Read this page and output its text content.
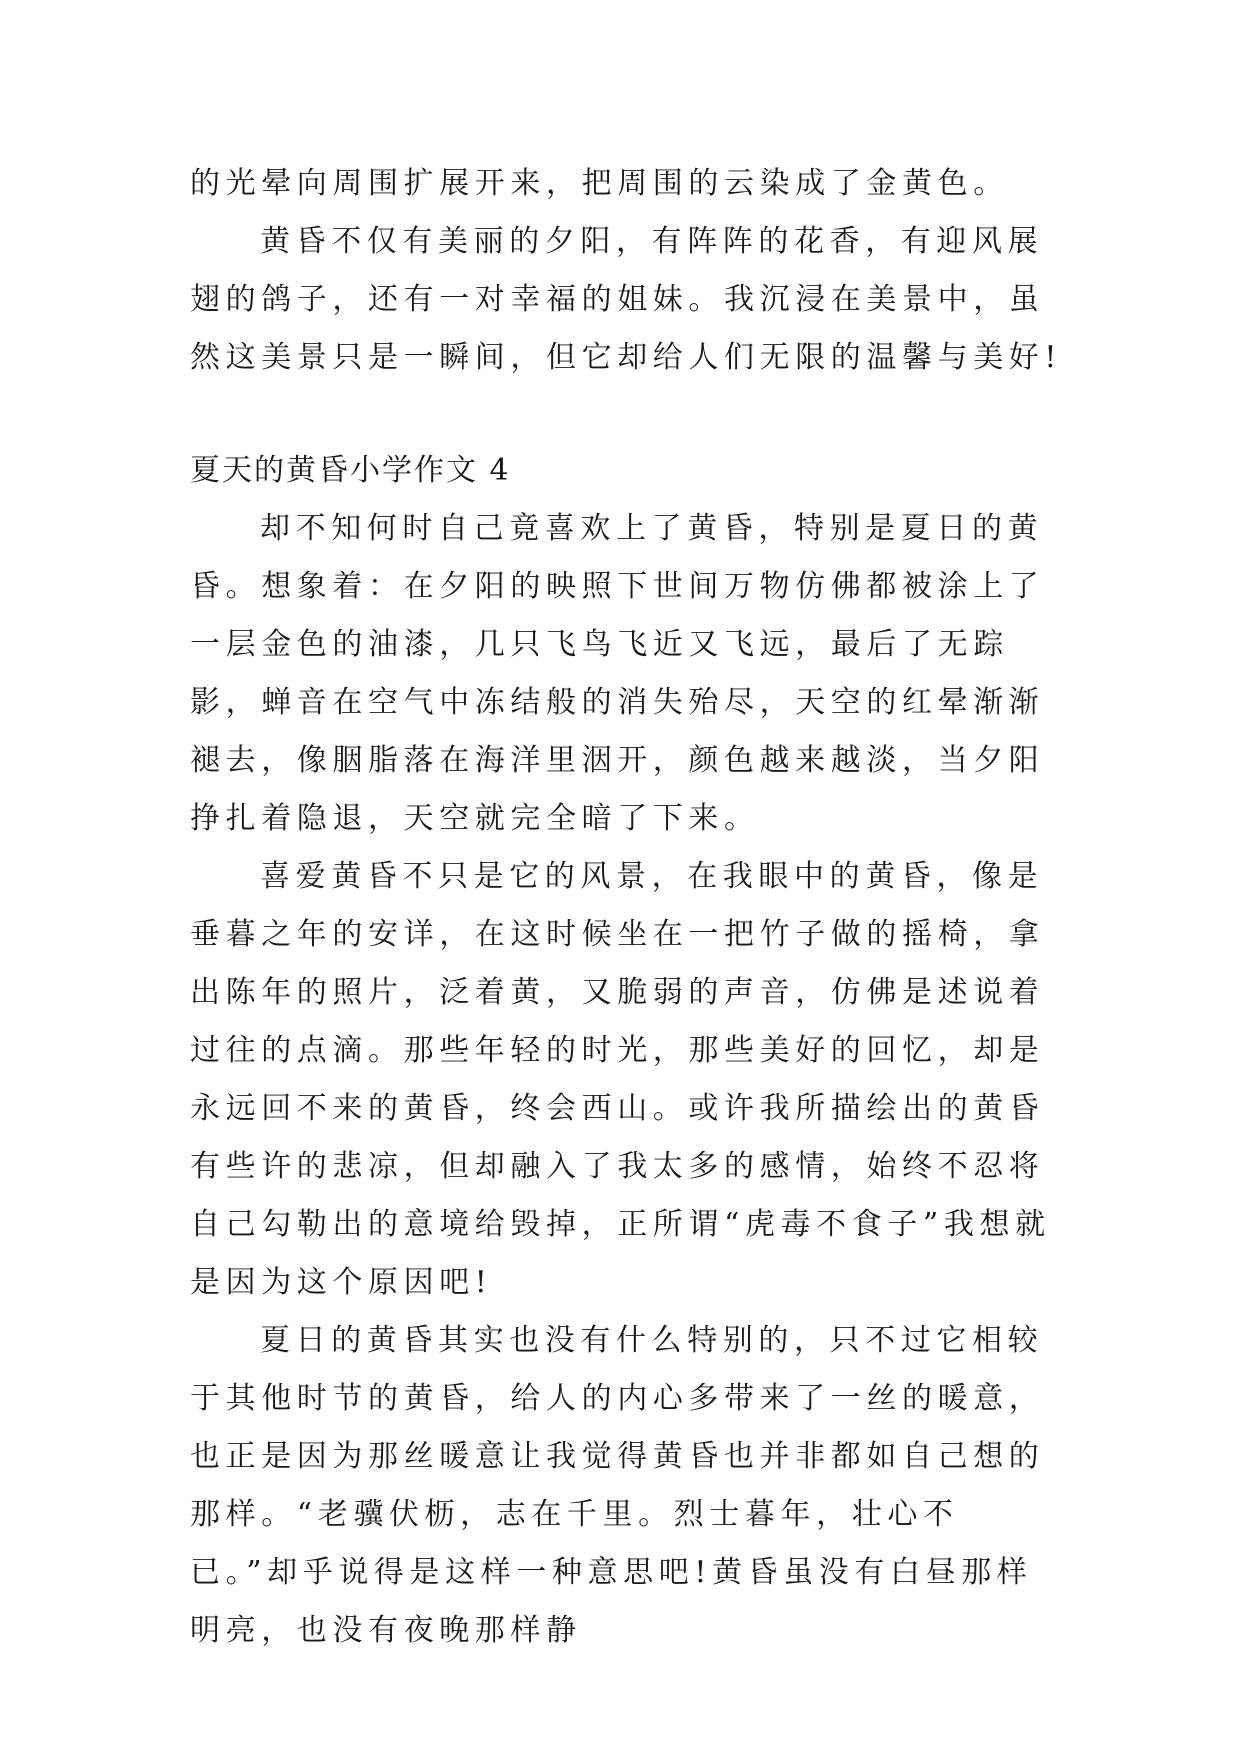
的光晕向周围扩展开来，把周围的云染成了金黄色。

黄昏不仅有美丽的夕阳，有阵阵的花香，有迎风展翅的鸽子，还有一对幸福的姐妹。我沉浸在美景中，虽然这美景只是一瞬间，但它却给人们无限的温馨与美好!

夏天的黄昏小学作文 4

却不知何时自己竟喜欢上了黄昏，特别是夏日的黄昏。想象着：在夕阳的映照下世间万物仿佛都被涂上了一层金色的油漆，几只飞鸟飞近又飞远，最后了无踪影，蝉音在空气中冻结般的消失殆尽，天空的红晕渐渐褪去，像胭脂落在海洋里洇开，颜色越来越淡，当夕阳挣扎着隐退，天空就完全暗了下来。

喜爱黄昏不只是它的风景，在我眼中的黄昏，像是垂暮之年的安详，在这时候坐在一把竹子做的摇椅，拿出陈年的照片，泛着黄，又脆弱的声音，仿佛是述说着过往的点滴。那些年轻的时光，那些美好的回忆，却是永远回不来的黄昏，终会西山。或许我所描绘出的黄昏有些许的悲凉，但却融入了我太多的感情，始终不忍将自己勾勒出的意境给毁掉，正所谓“虎毒不食子”我想就是因为这个原因吧!

夏日的黄昏其实也没有什么特别的，只不过它相较于其他时节的黄昏，给人的内心多带来了一丝的暖意，也正是因为那丝暖意让我觉得黄昏也并非都如自己想的那样。“老骥伏枥，志在千里。烈士暮年，壮心不已。”却乎说得是这样一种意思吧!黄昏虽没有白昼那样明亮，也没有夜晚那样静
